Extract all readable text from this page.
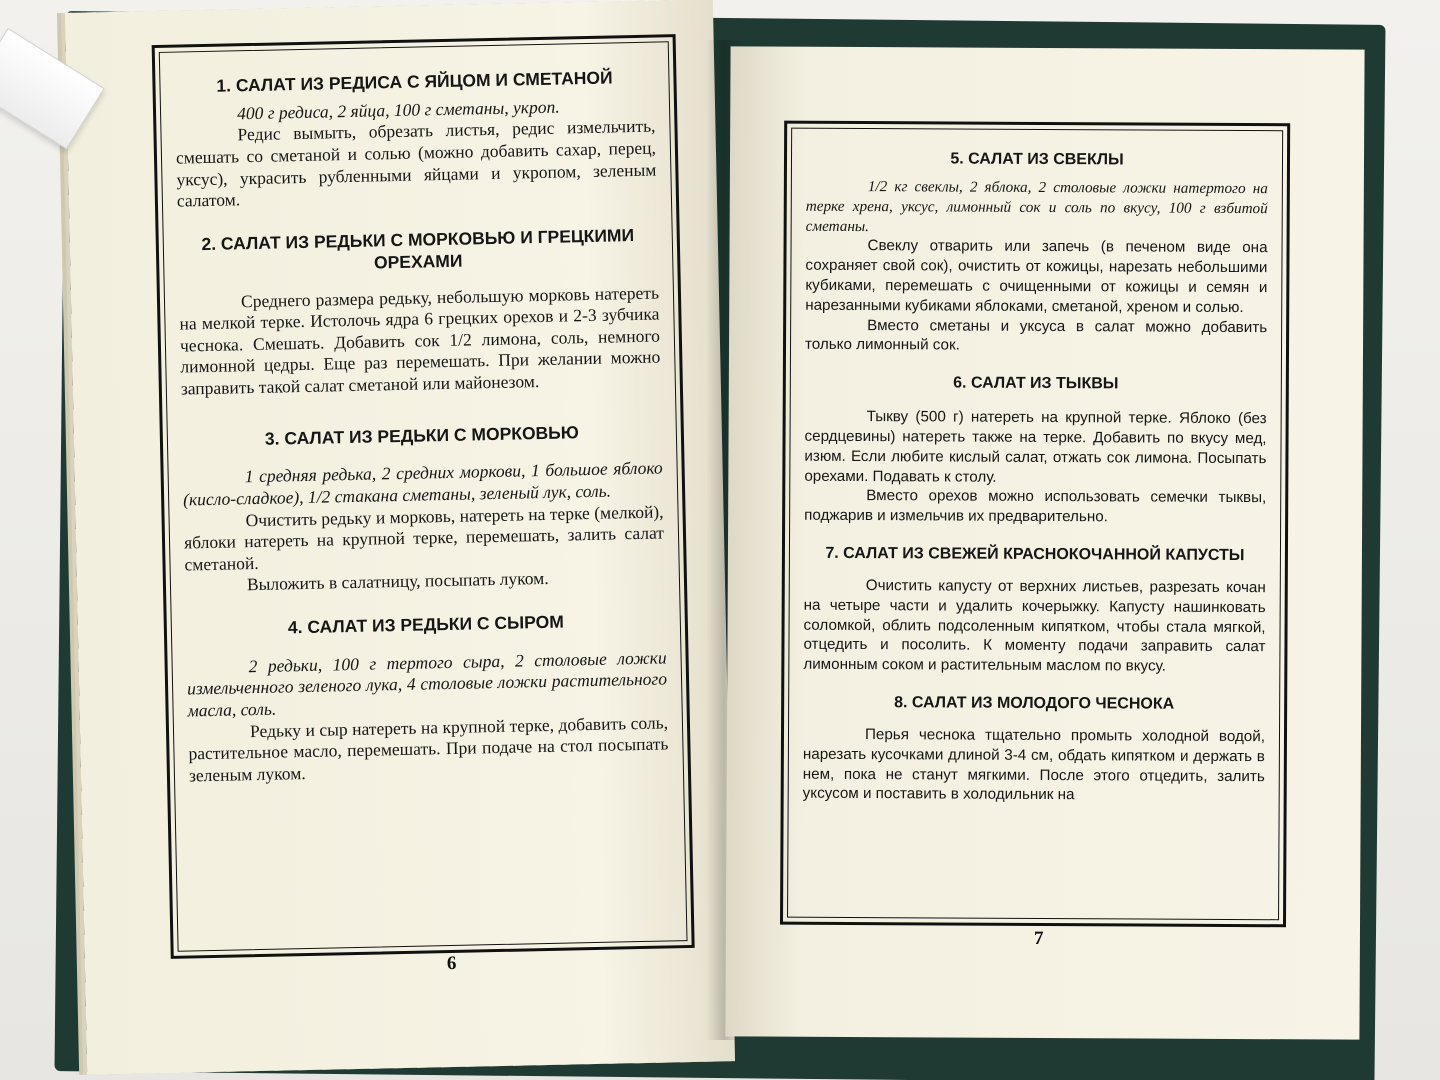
1. САЛАТ ИЗ РЕДИСА С ЯЙЦОМ И СМЕТАНОЙ

400 г редиса, 2 яйца, 100 г сметаны, укроп.

Редис вымыть, обрезать листья, редис измельчить, смешать со сметаной и солью (можно добавить сахар, перец, уксус), украсить рубленными яйцами и укропом, зеленым салатом.

2. САЛАТ ИЗ РЕДЬКИ С МОРКОВЬЮ И ГРЕЦКИМИ ОРЕХАМИ

Среднего размера редьку, небольшую морковь натереть на мелкой терке. Истолочь ядра 6 грецких орехов и 2-3 зубчика чеснока. Смешать. Добавить сок 1/2 лимона, соль, немного лимонной цедры. Еще раз перемешать. При желании можно заправить такой салат сметаной или майонезом.

3. САЛАТ ИЗ РЕДЬКИ С МОРКОВЬЮ

1 средняя редька, 2 средних моркови, 1 большое яблоко (кисло-сладкое), 1/2 стакана сметаны, зеленый лук, соль.

Очистить редьку и морковь, натереть на терке (мелкой), яблоки натереть на крупной терке, перемешать, залить салат сметаной.

Выложить в салатницу, посыпать луком.

4. САЛАТ ИЗ РЕДЬКИ С СЫРОМ

2 редьки, 100 г тертого сыра, 2 столовые ложки измельченного зеленого лука, 4 столовые ложки растительного масла, соль.

Редьку и сыр натереть на крупной терке, добавить соль, растительное масло, перемешать. При подаче на стол посыпать зеленым луком.

6
5. САЛАТ ИЗ СВЕКЛЫ

1/2 кг свеклы, 2 яблока, 2 столовые ложки натертого на терке хрена, уксус, лимонный сок и соль по вкусу, 100 г взбитой сметаны.

Свеклу отварить или запечь (в печеном виде она сохраняет свой сок), очистить от кожицы, нарезать небольшими кубиками, перемешать с очищенными от кожицы и семян и нарезанными кубиками яблоками, сметаной, хреном и солью.

Вместо сметаны и уксуса в салат можно добавить только лимонный сок.

6. САЛАТ ИЗ ТЫКВЫ

Тыкву (500 г) натереть на крупной терке. Яблоко (без сердцевины) натереть также на терке. Добавить по вкусу мед, изюм. Если любите кислый салат, отжать сок лимона. Посыпать орехами. Подавать к столу.

Вместо орехов можно использовать семечки тыквы, поджарив и измельчив их предварительно.

7. САЛАТ ИЗ СВЕЖЕЙ КРАСНОКОЧАННОЙ КАПУСТЫ

Очистить капусту от верхних листьев, разрезать кочан на четыре части и удалить кочерыжку. Капусту нашинковать соломкой, облить подсоленным кипятком, чтобы стала мягкой, отцедить и посолить. К моменту подачи заправить салат лимонным соком и растительным маслом по вкусу.

8. САЛАТ ИЗ МОЛОДОГО ЧЕСНОКА

Перья чеснока тщательно промыть холодной водой, нарезать кусочками длиной 3-4 см, обдать кипятком и держать в нем, пока не станут мягкими. После этого отцедить, залить уксусом и поставить в холодильник на

7
